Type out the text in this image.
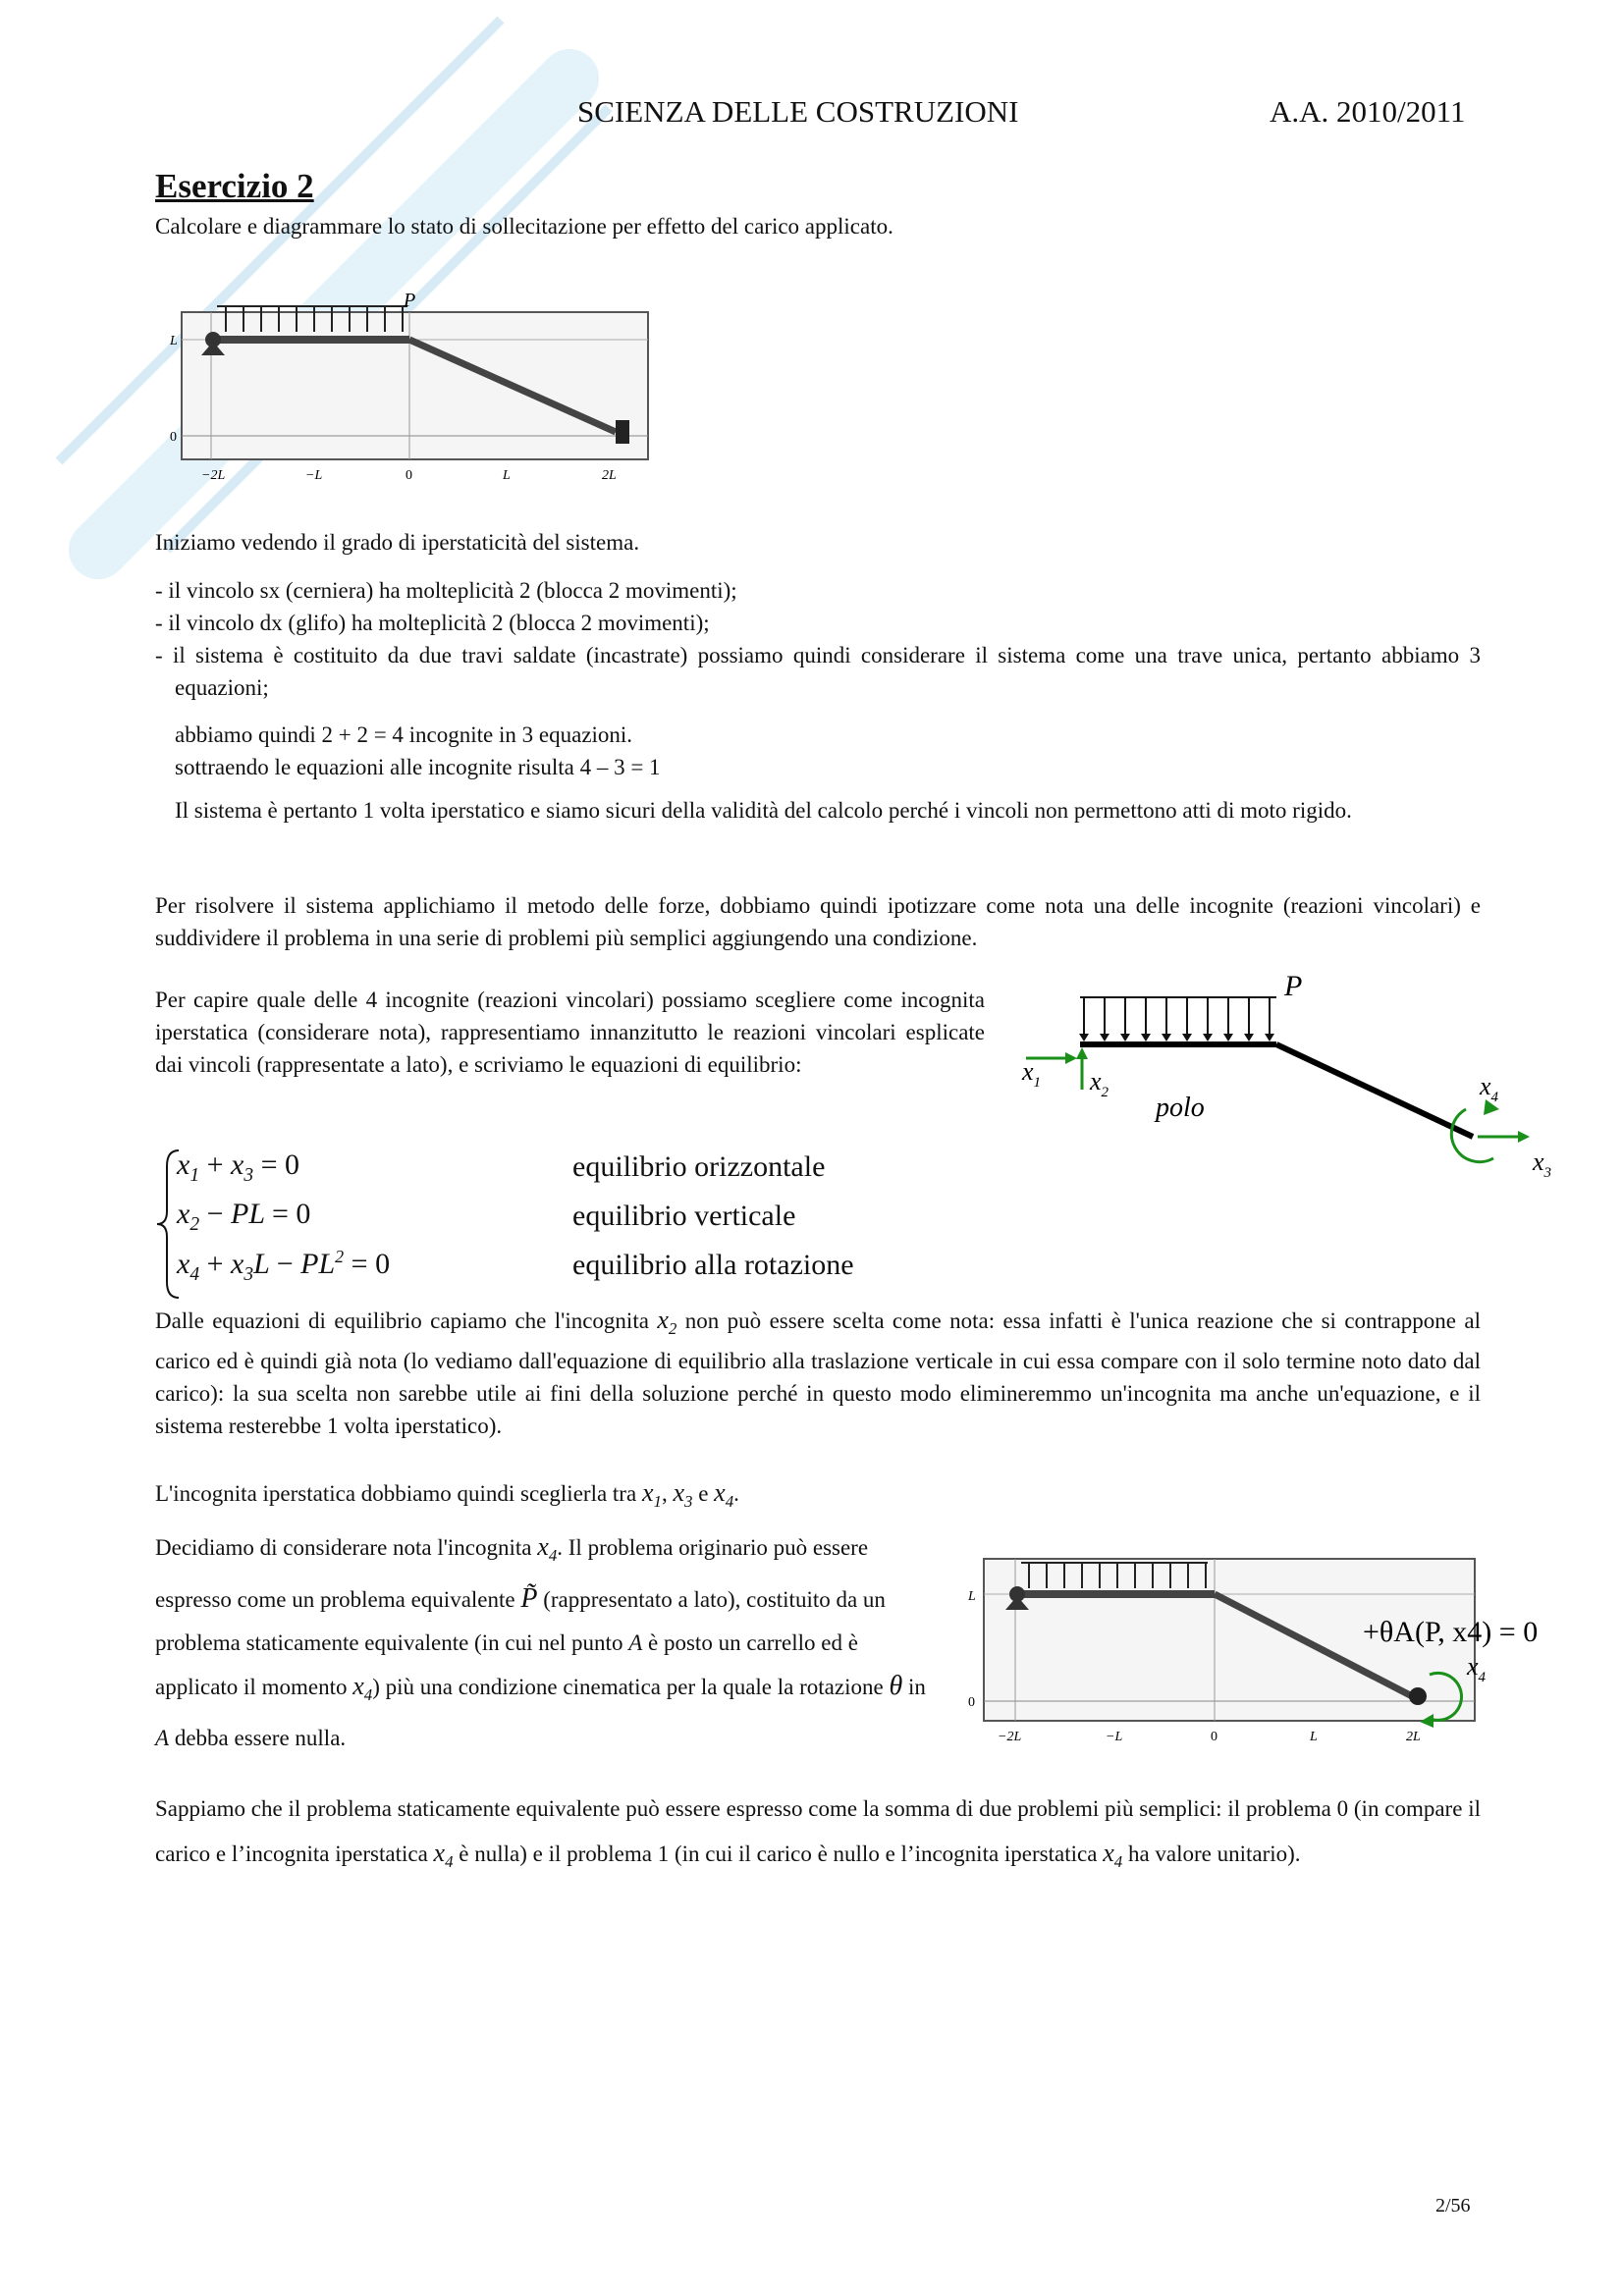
SCIENZA DELLE COSTRUZIONI	A.A. 2010/2011
Esercizio 2
Calcolare e diagrammare lo stato di sollecitazione per effetto del carico applicato.
P
L
0
−2L	−L	0	L	2L
Iniziamo vedendo il grado di iperstaticità del sistema.
- il vincolo sx (cerniera) ha molteplicità 2 (blocca 2 movimenti);
- il vincolo dx (glifo) ha molteplicità 2 (blocca 2 movimenti);
- il sistema è costituito da due travi saldate (incastrate) possiamo quindi considerare il sistema come una trave unica, pertanto abbiamo 3 equazioni;
abbiamo quindi 2 + 2 = 4 incognite in 3 equazioni.
sottraendo le equazioni alle incognite risulta 4 – 3 = 1
Il sistema è pertanto 1 volta iperstatico e siamo sicuri della validità del calcolo perché i vincoli non permettono atti di moto rigido.
Per risolvere il sistema applichiamo il metodo delle forze, dobbiamo quindi ipotizzare come nota una delle incognite (reazioni vincolari) e suddividere il problema in una serie di problemi più semplici aggiungendo una condizione.
Per capire quale delle 4 incognite (reazioni vincolari) possiamo scegliere come incognita iperstatica (considerare nota), rappresentiamo innanzitutto le reazioni vincolari esplicate dai vincoli (rappresentate a lato), e scriviamo le equazioni di equilibrio:
P
$x_1$ $x_2$ polo
$x_4$
$x_3$
$x_1 + x_3 = 0$
$x_2$ − PL = 0
$x_4 + x_3L - PL^2 = 0$
equilibrio orizzontale
equilibrio verticale
equilibrio alla rotazione
Dalle equazioni di equilibrio capiamo che l'incognita $x_2$ non può essere scelta come nota: essa infatti è l'unica reazione che si contrappone al carico ed è quindi già nota (lo vediamo dall'equazione di equilibrio alla traslazione verticale in cui essa compare con il solo termine noto dato dal carico): la sua scelta non sarebbe utile ai fini della soluzione perché in questo modo elimineremmo un'incognita ma anche un'equazione, e il sistema resterebbe 1 volta iperstatico).
L'incognita iperstatica dobbiamo quindi sceglierla tra $x_1$, $x_3$ e $x_4$.
Decidiamo di considerare nota l'incognita $x_4$. Il problema originario può essere espresso come un problema equivalente P̃ (rappresentato a lato), costituito da un problema staticamente equivalente (in cui nel punto A è posto un carrello ed è applicato il momento $x_4$) più una condizione cinematica per la quale la rotazione θ in A debba essere nulla.
+θA(P, x4) = 0
$x_4$
L
0
−2L	−L	0	L	2L
Sappiamo che il problema staticamente equivalente può essere espresso come la somma di due problemi più semplici: il problema 0 (in compare il carico e l’incognita iperstatica $x_4$ è nulla) e il problema 1 (in cui il carico è nullo e l’incognita iperstatica $x_4$ ha valore unitario).
2/56
